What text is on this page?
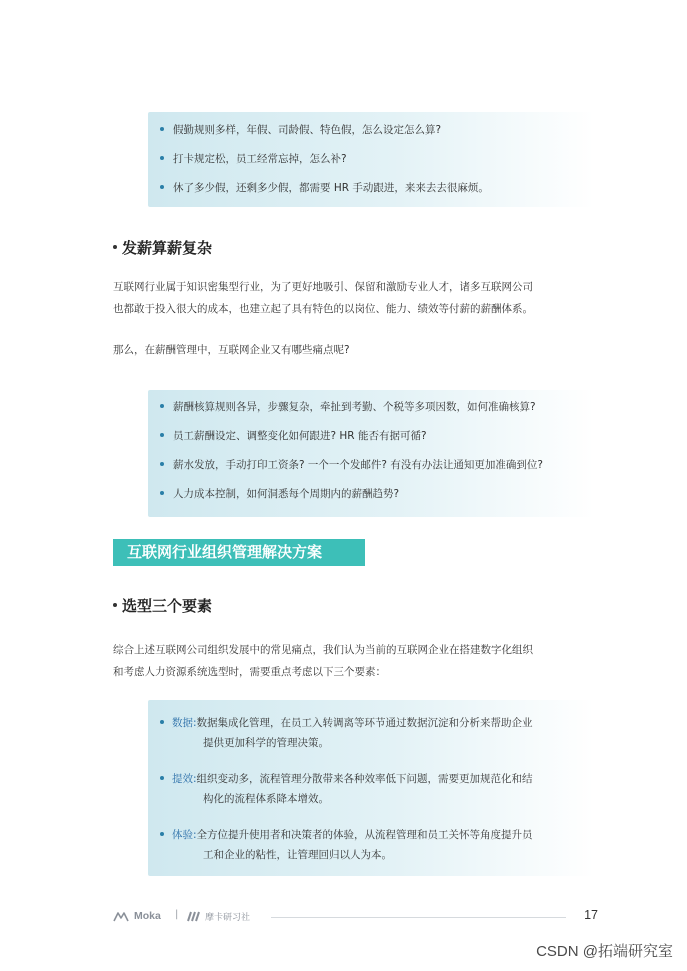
假勤规则多样，年假、司龄假、特色假，怎么设定怎么算?
打卡规定松，员工经常忘掉，怎么补?
休了多少假，还剩多少假，都需要 HR 手动跟进，来来去去很麻烦。
发薪算薪复杂
互联网行业属于知识密集型行业，为了更好地吸引、保留和激励专业人才，诸多互联网公司
也都敢于投入很大的成本，也建立起了具有特色的以岗位、能力、绩效等付薪的薪酬体系。
那么，在薪酬管理中，互联网企业又有哪些痛点呢?
薪酬核算规则各异，步骤复杂，牵扯到考勤、个税等多项因数，如何准确核算?
员工薪酬设定、调整变化如何跟进? HR 能否有据可循?
薪水发放，手动打印工资条? 一个一个发邮件? 有没有办法让通知更加准确到位?
人力成本控制，如何洞悉每个周期内的薪酬趋势?
互联网行业组织管理解决方案
选型三个要素
综合上述互联网公司组织发展中的常见痛点，我们认为当前的互联网企业在搭建数字化组织
和考虑人力资源系统选型时，需要重点考虑以下三个要素：
数据:数据集成化管理，在员工入转调离等环节通过数据沉淀和分析来帮助企业
提供更加科学的管理决策。
提效:组织变动多，流程管理分散带来各种效率低下问题，需要更加规范化和结
构化的流程体系降本增效。
体验:全方位提升使用者和决策者的体验，从流程管理和员工关怀等角度提升员
工和企业的粘性，让管理回归以人为本。
Moka |	摩卡研习社	17
CSDN @拓端研究室
